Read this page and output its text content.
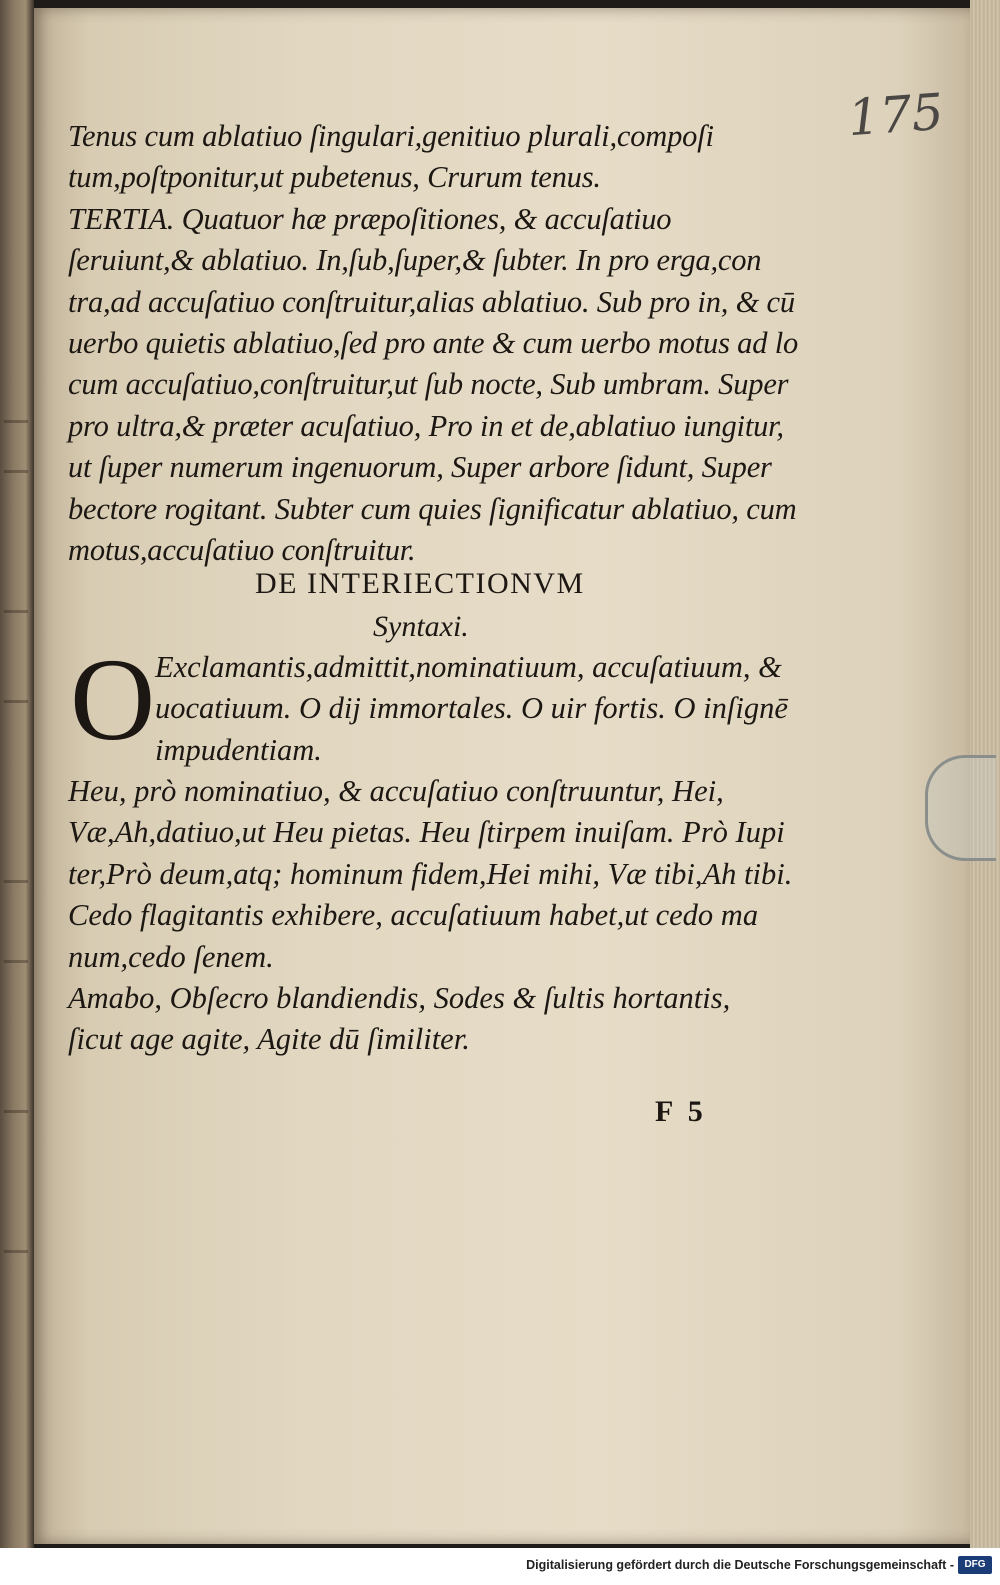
175
Tenus cum ablatiuo ſingulari,genitiuo plurali,compoſi
tum,poſtponitur,ut pubetenus, Crurum tenus.
TERTIA. Quatuor hæ præpoſitiones, & accuſatiuo
ſeruiunt,& ablatiuo. In,ſub,ſuper,& ſubter. In pro erga,con
tra,ad accuſatiuo conſtruitur,alias ablatiuo. Sub pro in, & cū
uerbo quietis ablatiuo,ſed pro ante & cum uerbo motus ad lo
cum accuſatiuo,conſtruitur,ut ſub nocte, Sub umbram. Super
pro ultra,& præter acuſatiuo, Pro in et de,ablatiuo iungitur,
ut ſuper numerum ingenuorum, Super arbore ſidunt, Super
bectore rogitant. Subter cum quies ſignificatur ablatiuo, cum
motus,accuſatiuo conſtruitur.
DE INTERIECTIONVM
Syntaxi.
O Exclamantis,admittit,nominatiuum, accuſatiuum, &
uocatiuum. O dij immortales. O uir fortis. O inſignē
impudentiam.
Heu, prò nominatiuo, & accuſatiuo conſtruuntur, Hei,
Væ,Ah,datiuo,ut Heu pietas. Heu ſtirpem inuiſam. Prò Iupi
ter,Prò deum,atq; hominum fidem,Hei mihi, Væ tibi,Ah tibi.
Cedo flagitantis exhibere, accuſatiuum habet,ut cedo ma
num,cedo ſenem.
Amabo, Obſecro blandiendis, Sodes & ſultis hortantis,
ſicut age agite, Agite dū ſimiliter.
F 5
Digitalisierung gefördert durch die Deutsche Forschungsgemeinschaft -	DFG
